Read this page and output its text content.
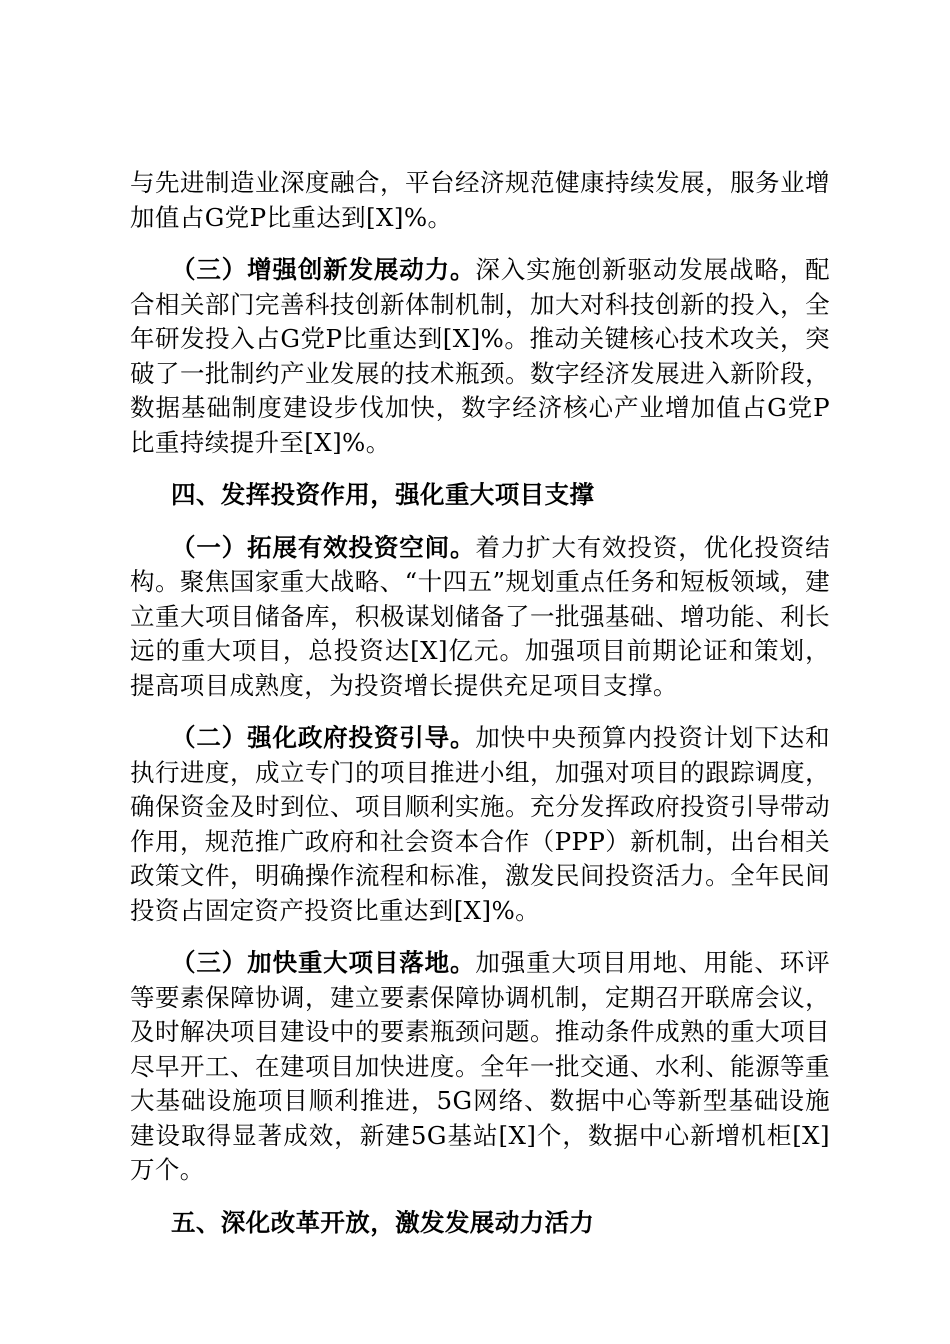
与先进制造业深度融合，平台经济规范健康持续发展，服务业增加值占G党P比重达到[X]%。

（三）增强创新发展动力。深入实施创新驱动发展战略，配合相关部门完善科技创新体制机制，加大对科技创新的投入，全年研发投入占G党P比重达到[X]%。推动关键核心技术攻关，突破了一批制约产业发展的技术瓶颈。数字经济发展进入新阶段，数据基础制度建设步伐加快，数字经济核心产业增加值占G党P比重持续提升至[X]%。

四、发挥投资作用，强化重大项目支撑

（一）拓展有效投资空间。着力扩大有效投资，优化投资结构。聚焦国家重大战略、“十四五”规划重点任务和短板领域，建立重大项目储备库，积极谋划储备了一批强基础、增功能、利长远的重大项目，总投资达[X]亿元。加强项目前期论证和策划，提高项目成熟度，为投资增长提供充足项目支撑。

（二）强化政府投资引导。加快中央预算内投资计划下达和执行进度，成立专门的项目推进小组，加强对项目的跟踪调度，确保资金及时到位、项目顺利实施。充分发挥政府投资引导带动作用，规范推广政府和社会资本合作（PPP）新机制，出台相关政策文件，明确操作流程和标准，激发民间投资活力。全年民间投资占固定资产投资比重达到[X]%。

（三）加快重大项目落地。加强重大项目用地、用能、环评等要素保障协调，建立要素保障协调机制，定期召开联席会议，及时解决项目建设中的要素瓶颈问题。推动条件成熟的重大项目尽早开工、在建项目加快进度。全年一批交通、水利、能源等重大基础设施项目顺利推进，5G网络、数据中心等新型基础设施建设取得显著成效，新建5G基站[X]个，数据中心新增机柜[X]万个。

五、深化改革开放，激发发展动力活力
